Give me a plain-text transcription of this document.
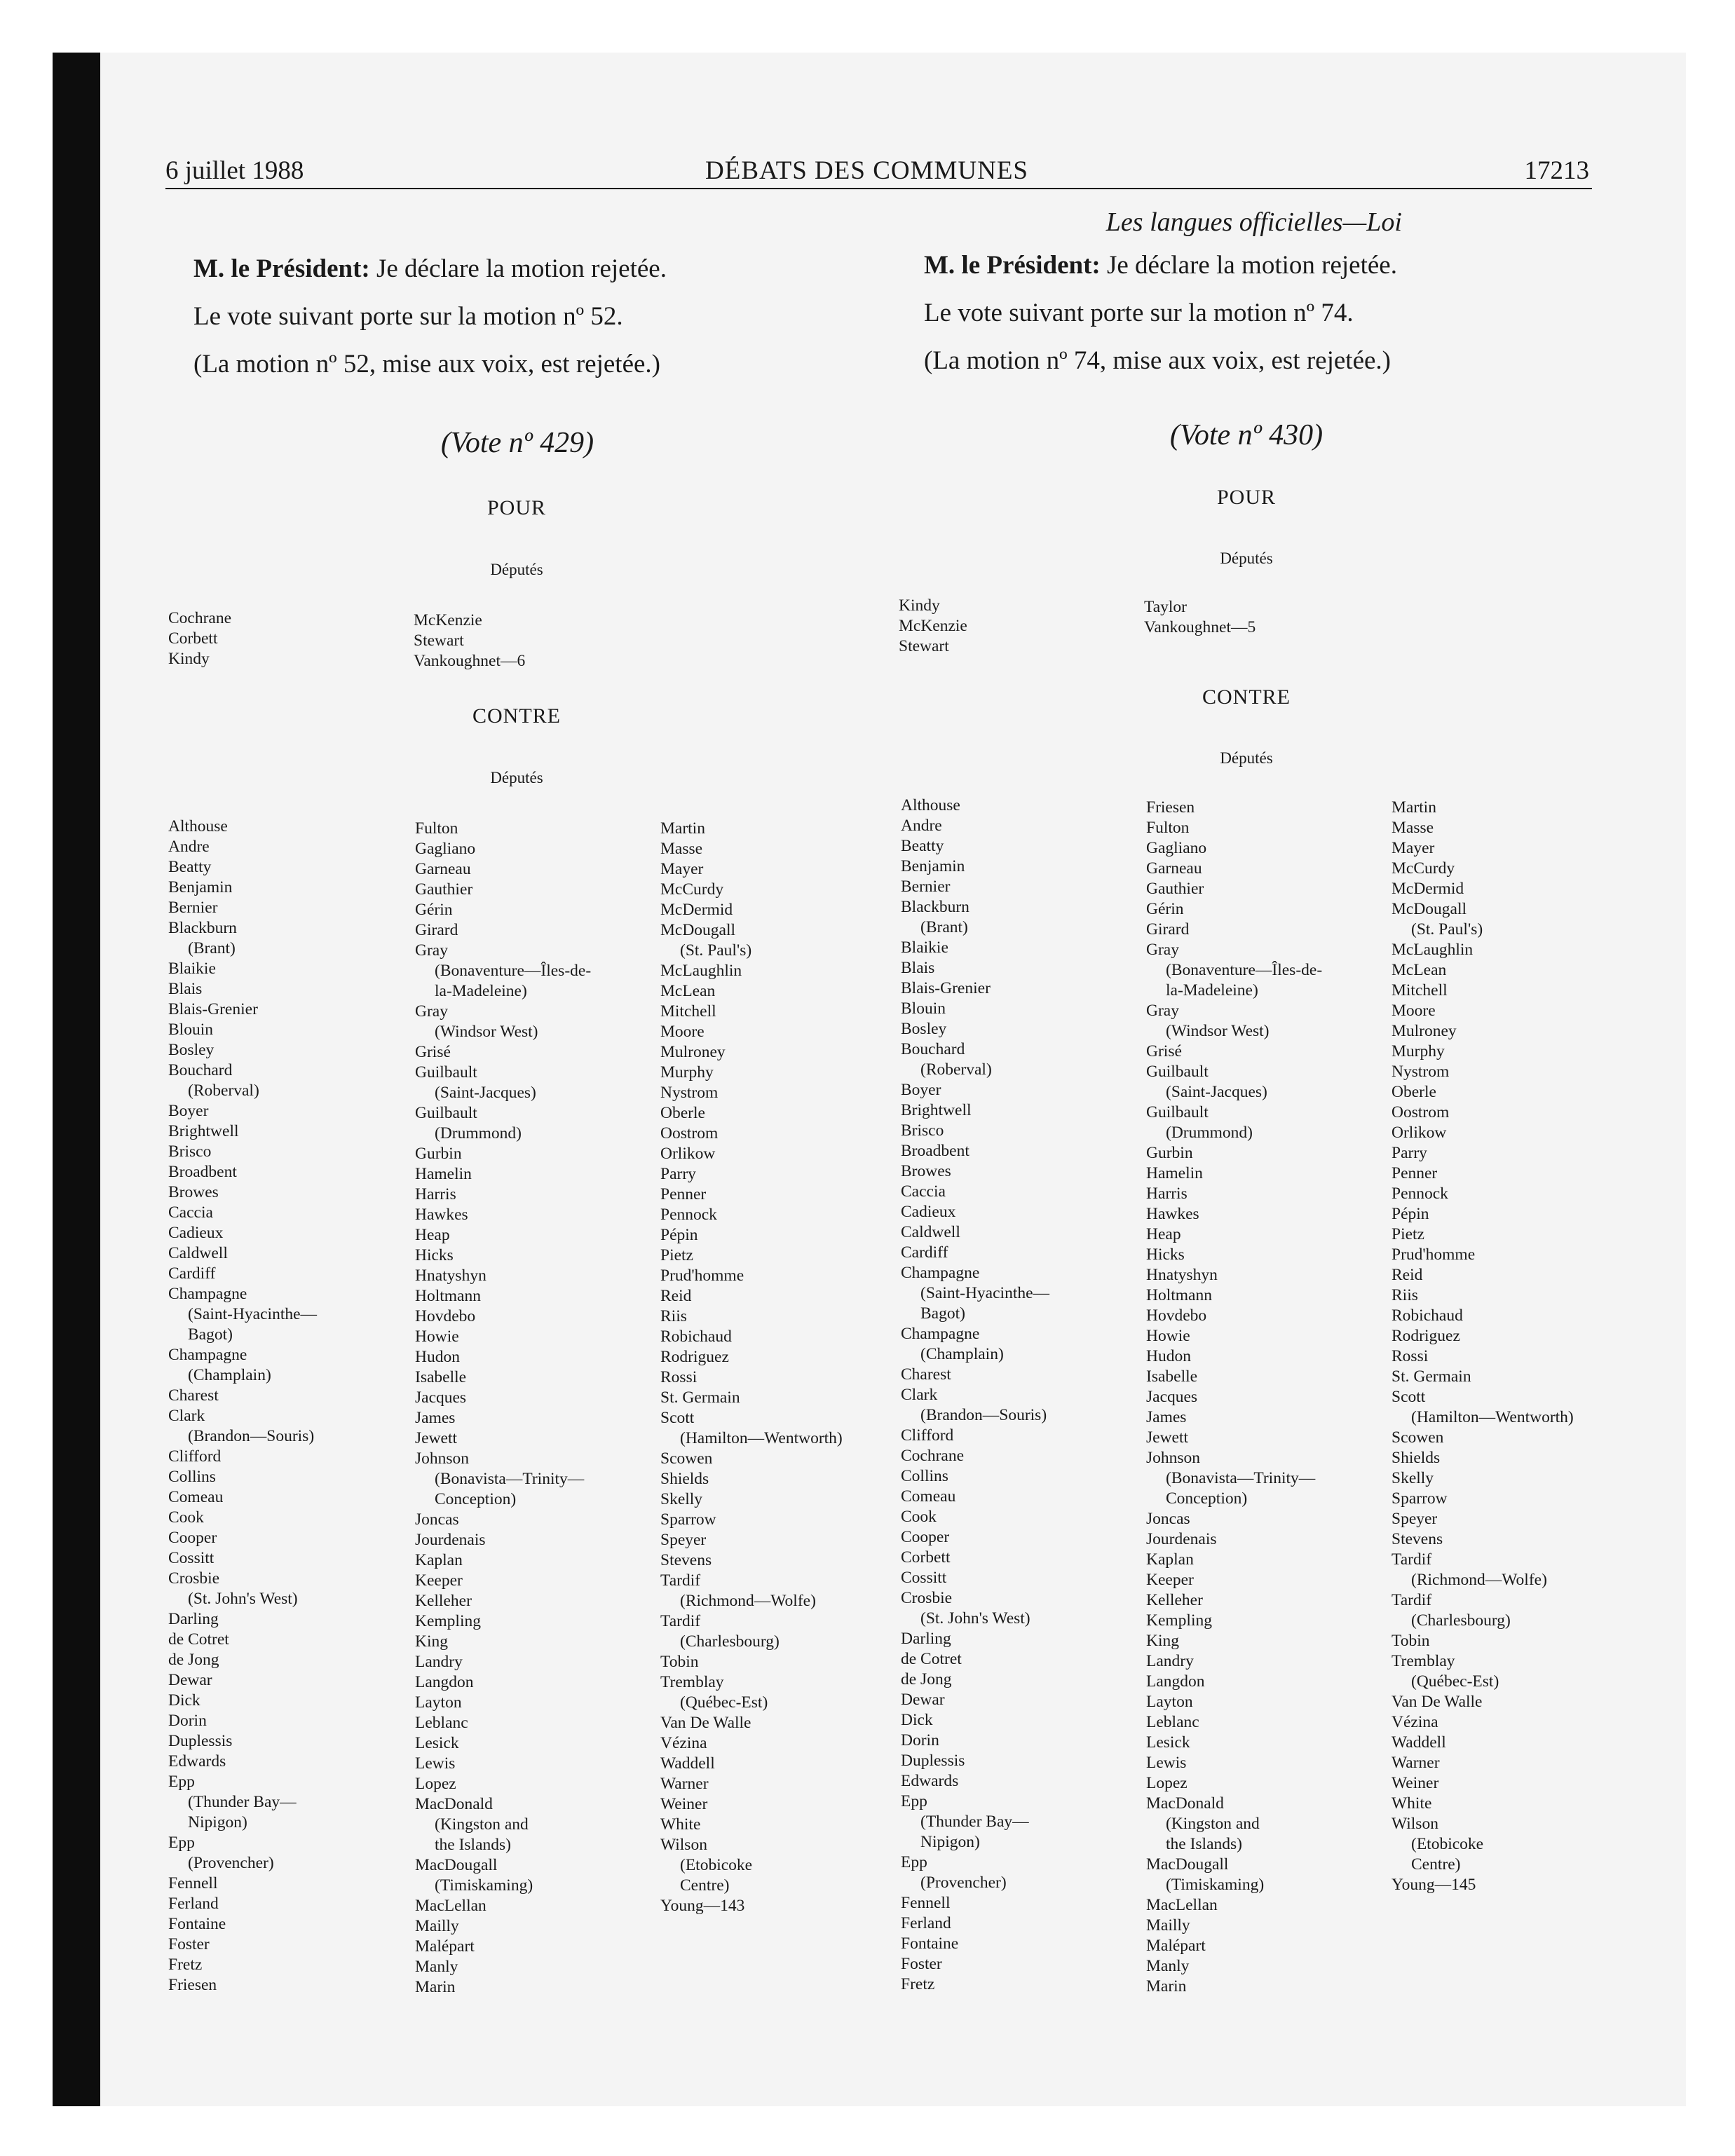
6 juillet 1988	DÉBATS DES COMMUNES	17213
Les langues officielles—Loi
M. le Président: Je déclare la motion rejetée.
Le vote suivant porte sur la motion nº 52.
(La motion nº 52, mise aux voix, est rejetée.)
(Vote nº 429)
POUR
Députés
Cochrane
Corbett
Kindy
McKenzie
Stewart
Vankoughnet—6
CONTRE
Députés
Althouse
Andre
Beatty
Benjamin
Bernier
Blackburn
(Brant)
Blaikie
Blais
Blais-Grenier
Blouin
Bosley
Bouchard
(Roberval)
Boyer
Brightwell
Brisco
Broadbent
Browes
Caccia
Cadieux
Caldwell
Cardiff
Champagne
(Saint-Hyacinthe—
Bagot)
Champagne
(Champlain)
Charest
Clark
(Brandon—Souris)
Clifford
Collins
Comeau
Cook
Cooper
Cossitt
Crosbie
(St. John's West)
Darling
de Cotret
de Jong
Dewar
Dick
Dorin
Duplessis
Edwards
Epp
(Thunder Bay—
Nipigon)
Epp
(Provencher)
Fennell
Ferland
Fontaine
Foster
Fretz
Friesen
Fulton
Gagliano
Garneau
Gauthier
Gérin
Girard
Gray
(Bonaventure—Îles-de-
la-Madeleine)
Gray
(Windsor West)
Grisé
Guilbault
(Saint-Jacques)
Guilbault
(Drummond)
Gurbin
Hamelin
Harris
Hawkes
Heap
Hicks
Hnatyshyn
Holtmann
Hovdebo
Howie
Hudon
Isabelle
Jacques
James
Jewett
Johnson
(Bonavista—Trinity—
Conception)
Joncas
Jourdenais
Kaplan
Keeper
Kelleher
Kempling
King
Landry
Langdon
Layton
Leblanc
Lesick
Lewis
Lopez
MacDonald
(Kingston and
the Islands)
MacDougall
(Timiskaming)
MacLellan
Mailly
Malépart
Manly
Marin
Martin
Masse
Mayer
McCurdy
McDermid
McDougall
(St. Paul's)
McLaughlin
McLean
Mitchell
Moore
Mulroney
Murphy
Nystrom
Oberle
Oostrom
Orlikow
Parry
Penner
Pennock
Pépin
Pietz
Prud'homme
Reid
Riis
Robichaud
Rodriguez
Rossi
St. Germain
Scott
(Hamilton—Wentworth)
Scowen
Shields
Skelly
Sparrow
Speyer
Stevens
Tardif
(Richmond—Wolfe)
Tardif
(Charlesbourg)
Tobin
Tremblay
(Québec-Est)
Van De Walle
Vézina
Waddell
Warner
Weiner
White
Wilson
(Etobicoke
Centre)
Young—143
M. le Président: Je déclare la motion rejetée.
Le vote suivant porte sur la motion nº 74.
(La motion nº 74, mise aux voix, est rejetée.)
(Vote nº 430)
POUR
Députés
Kindy
McKenzie
Stewart
Taylor
Vankoughnet—5
CONTRE
Députés
Althouse
Andre
Beatty
Benjamin
Bernier
Blackburn
(Brant)
Blaikie
Blais
Blais-Grenier
Blouin
Bosley
Bouchard
(Roberval)
Boyer
Brightwell
Brisco
Broadbent
Browes
Caccia
Cadieux
Caldwell
Cardiff
Champagne
(Saint-Hyacinthe—
Bagot)
Champagne
(Champlain)
Charest
Clark
(Brandon—Souris)
Clifford
Cochrane
Collins
Comeau
Cook
Cooper
Corbett
Cossitt
Crosbie
(St. John's West)
Darling
de Cotret
de Jong
Dewar
Dick
Dorin
Duplessis
Edwards
Epp
(Thunder Bay—
Nipigon)
Epp
(Provencher)
Fennell
Ferland
Fontaine
Foster
Fretz
Friesen
Fulton
Gagliano
Garneau
Gauthier
Gérin
Girard
Gray
(Bonaventure—Îles-de-
la-Madeleine)
Gray
(Windsor West)
Grisé
Guilbault
(Saint-Jacques)
Guilbault
(Drummond)
Gurbin
Hamelin
Harris
Hawkes
Heap
Hicks
Hnatyshyn
Holtmann
Hovdebo
Howie
Hudon
Isabelle
Jacques
James
Jewett
Johnson
(Bonavista—Trinity—
Conception)
Joncas
Jourdenais
Kaplan
Keeper
Kelleher
Kempling
King
Landry
Langdon
Layton
Leblanc
Lesick
Lewis
Lopez
MacDonald
(Kingston and
the Islands)
MacDougall
(Timiskaming)
MacLellan
Mailly
Malépart
Manly
Marin
Martin
Masse
Mayer
McCurdy
McDermid
McDougall
(St. Paul's)
McLaughlin
McLean
Mitchell
Moore
Mulroney
Murphy
Nystrom
Oberle
Oostrom
Orlikow
Parry
Penner
Pennock
Pépin
Pietz
Prud'homme
Reid
Riis
Robichaud
Rodriguez
Rossi
St. Germain
Scott
(Hamilton—Wentworth)
Scowen
Shields
Skelly
Sparrow
Speyer
Stevens
Tardif
(Richmond—Wolfe)
Tardif
(Charlesbourg)
Tobin
Tremblay
(Québec-Est)
Van De Walle
Vézina
Waddell
Warner
Weiner
White
Wilson
(Etobicoke
Centre)
Young—145
